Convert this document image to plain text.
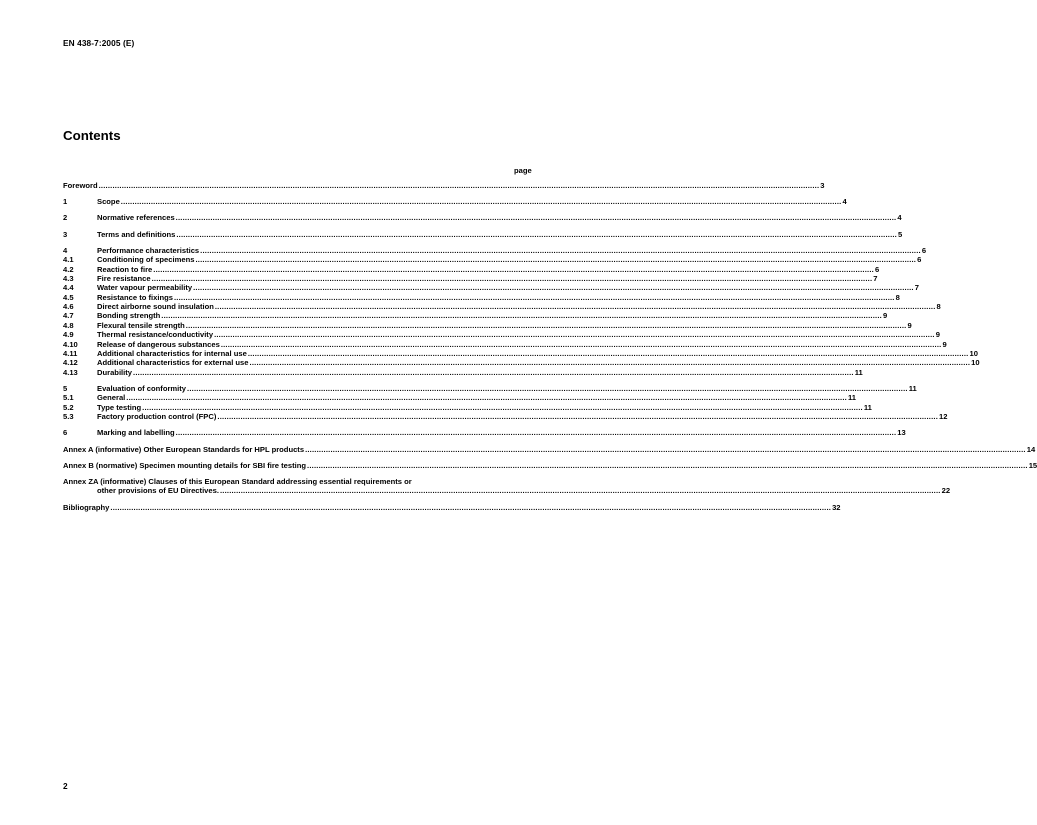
EN 438-7:2005 (E)
Contents
page
Foreword .....	3
1	Scope .....	4
2	Normative references .....	4
3	Terms and definitions .....	5
4	Performance characteristics .....	6
4.1	Conditioning of specimens .....	6
4.2	Reaction to fire .....	6
4.3	Fire resistance .....	7
4.4	Water vapour permeability .....	7
4.5	Resistance to fixings .....	8
4.6	Direct airborne sound insulation .....	8
4.7	Bonding strength .....	9
4.8	Flexural tensile strength .....	9
4.9	Thermal resistance/conductivity .....	9
4.10	Release of dangerous substances .....	9
4.11	Additional characteristics for internal use .....	10
4.12	Additional characteristics for external use .....	10
4.13	Durability .....	11
5	Evaluation of conformity .....	11
5.1	General .....	11
5.2	Type testing .....	11
5.3	Factory production control (FPC) .....	12
6	Marking and labelling .....	13
Annex A (informative) Other European Standards for HPL products .....	14
Annex B (normative) Specimen mounting details for SBI fire testing .....	15
Annex ZA (informative) Clauses of this European Standard addressing essential requirements or
other provisions of EU Directives. .....	22
Bibliography .....	32
2
